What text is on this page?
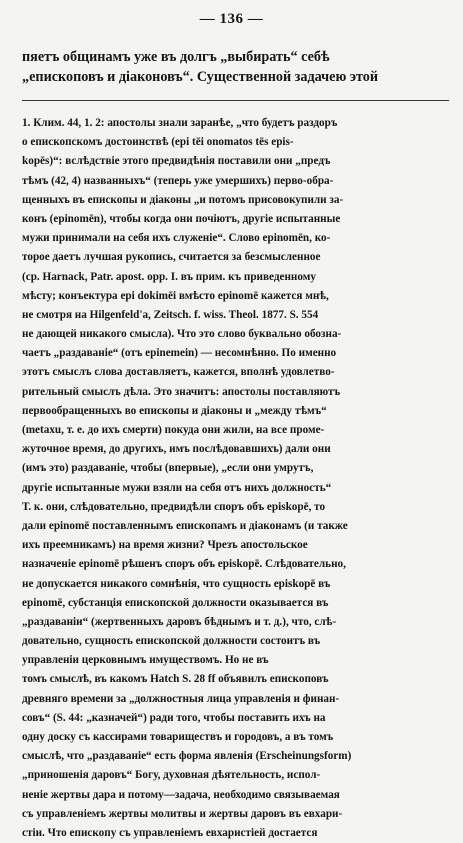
— 136 —
пяетъ общинамъ уже въ долгъ „выбирать“ себѣ
„епископовъ и діаконовъ“. Существенной задачею этой
1. Клим. 44, 1. 2: апостолы знали заранѣе, „что будетъ раздоръ
о епископскомъ достоинствѣ (epi tēi onomatos tēs epis-
kopēs)“: вслѣдствіе этого предвидѣнія поставили они „предъ
тѣмъ (42, 4) названныхъ“ (теперь уже умершихъ) перво-обра-
щенныхъ въ епископы и діаконы „и потомъ присовокупили за-
конъ (epinomēn), чтобы когда они почіютъ, другіе испытанные
мужи принимали на себя ихъ служеніе“. Слово epinomēn, ко-
торое даетъ лучшая рукопись, считается за безсмысленное
(ср. Harnack, Patr. apost. opp. I. въ прим. къ приведенному
мѣсту; конъектура epi dokimēi вмѣсто epinomē кажется мнѣ,
не смотря на Hilgenfeld'a, Zeitsch. f. wiss. Theol. 1877. S. 554
не дающей никакого смысла). Что это слово буквально обозна-
чаетъ „раздаваніе“ (отъ epinemein) — несомнѣнно. По именно
этотъ смыслъ слова доставляетъ, кажется, вполнѣ удовлетво-
рительный смыслъ дѣла. Это значитъ: апостолы поставляютъ
первообращенныхъ во епископы и діаконы и „между тѣмъ“
(metaxu, т. е. до ихъ смерти) покуда они жили, на все проме-
жуточное время, до другихъ, имъ послѣдовавшихъ) дали они
(имъ это) раздаваніе, чтобы (впервые), „если они умрутъ,
другіе испытанные мужи взяли на себя отъ нихъ должность“
Т. к. они, слѣдовательно, предвидѣли споръ объ episkopē, то
дали epinomē поставленнымъ епископамъ и діаконамъ (и также
ихъ преемникамъ) на время жизни? Чрезъ апостольское
назначеніе epinomē рѣшенъ споръ объ episkopē. Слѣдовательно,
не допускается никакого сомнѣнія, что сущность episkopē въ
epinomē, субстанція епископской должности оказывается въ
„раздаваніи“ (жертвенныхъ даровъ бѣднымъ и т. д.), что, слѣ-
довательно, сущность епископской должности состоитъ въ
управленіи церковнымъ имуществомъ. Но не въ
томъ смыслѣ, въ какомъ Hatch S. 28 ff объявилъ епископовъ
древняго времени за „должностныя лица управленія и финан-
совъ“ (S. 44: „казначей“) ради того, чтобы поставить ихъ на
одну доску съ кассирами товариществъ и городовъ, а въ томъ
смыслѣ, что „раздаваніе“ есть форма явленія (Erscheinungsform)
„приношенія даровъ“ Богу, духовная дѣятельность, испол-
неніе жертвы дара и потому—задача, необходимо связываемая
съ управленіемъ жертвы молитвы и жертвы даровъ въ евхари-
стіи. Что епископу съ управленіемъ евхаристіей достается
